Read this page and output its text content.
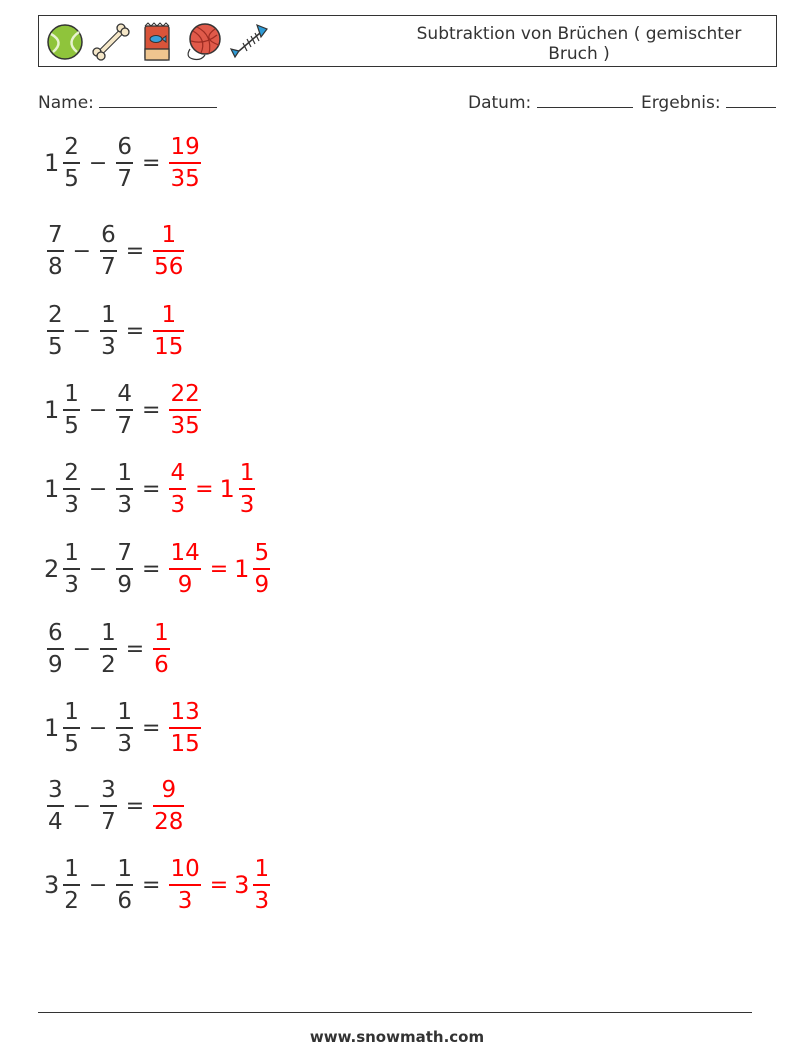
Subtraktion von Brüchen ( gemischter Bruch )
Name:	Datum:	Ergebnis:
$1 \frac{2}{5} - \frac{6}{7} = \frac{19}{35}$
$\frac{7}{8} - \frac{6}{7} = \frac{1}{56}$
$\frac{2}{5} - \frac{1}{3} = \frac{1}{15}$
$1 \frac{1}{5} - \frac{4}{7} = \frac{22}{35}$
$1 \frac{2}{3} - \frac{1}{3} = \frac{4}{3} = 1 \frac{1}{3}$
$2 \frac{1}{3} - \frac{7}{9} = \frac{14}{9} = 1 \frac{5}{9}$
$\frac{6}{9} - \frac{1}{2} = \frac{1}{6}$
$1 \frac{1}{5} - \frac{1}{3} = \frac{13}{15}$
$\frac{3}{4} - \frac{3}{7} = \frac{9}{28}$
$3 \frac{1}{2} - \frac{1}{6} = \frac{10}{3} = 3 \frac{1}{3}$
www.snowmath.com
